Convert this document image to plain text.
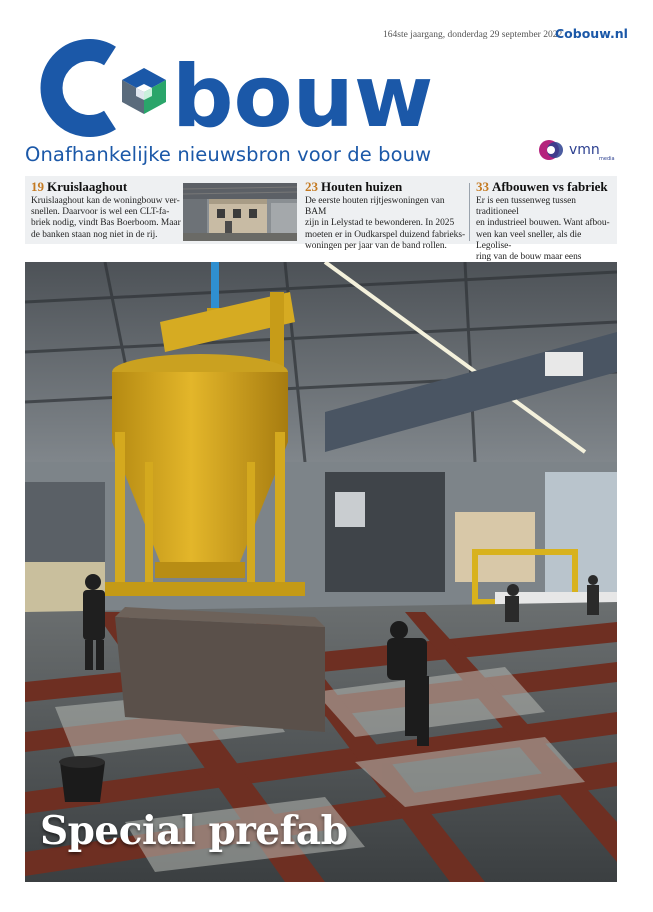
164ste jaargang, donderdag 29 september 2022
Cobouw.nl
bouw
Onafhankelijke nieuwsbron voor de bouw	vmn
media
19 Kruislaaghout

Kruislaaghout kan de woningbouw ver-
snellen. Daarvoor is wel een CLT-fa-
briek nodig, vindt Bas Boerboom. Maar
de banken staan nog niet in de rij.

23 Houten huizen

De eerste houten rijtjeswoningen van BAM
zijn in Lelystad te bewonderen. In 2025
moeten er in Oudkarspel duizend fabrieks-
woningen per jaar van de band rollen.

33 Afbouwen vs fabriek

Er is een tussenweg tussen traditioneel
en industrieel bouwen. Want afbou-
wen kan veel sneller, als die Legolise-
ring van de bouw maar eens

Special prefab
